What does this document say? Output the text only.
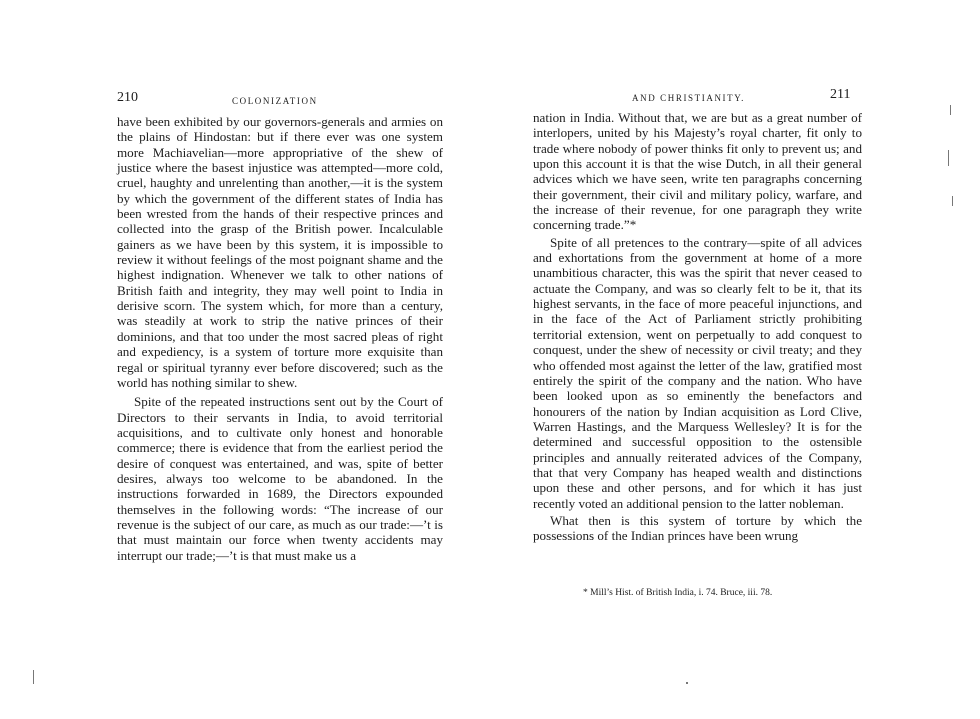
210	COLONIZATION

have been exhibited by our governors-generals and armies on the plains of Hindostan: but if there ever was one system more Machiavelian—more appropriative of the shew of justice where the basest injustice was attempted—more cold, cruel, haughty and unrelenting than another,—it is the system by which the government of the different states of India has been wrested from the hands of their respective princes and collected into the grasp of the British power. Incalculable gainers as we have been by this system, it is impossible to review it without feelings of the most poignant shame and the highest indignation. Whenever we talk to other nations of British faith and integrity, they may well point to India in derisive scorn. The system which, for more than a century, was steadily at work to strip the native princes of their dominions, and that too under the most sacred pleas of right and expediency, is a system of torture more exquisite than regal or spiritual tyranny ever before discovered; such as the world has nothing similar to shew.

Spite of the repeated instructions sent out by the Court of Directors to their servants in India, to avoid territorial acquisitions, and to cultivate only honest and honorable commerce; there is evidence that from the earliest period the desire of conquest was entertained, and was, spite of better desires, always too welcome to be abandoned. In the instructions forwarded in 1689, the Directors expounded themselves in the following words: “The increase of our revenue is the subject of our care, as much as our trade:—’t is that must maintain our force when twenty accidents may interrupt our trade;—’t is that must make us a

AND CHRISTIANITY.	211

nation in India. Without that, we are but as a great number of interlopers, united by his Majesty’s royal charter, fit only to trade where nobody of power thinks fit only to prevent us; and upon this account it is that the wise Dutch, in all their general advices which we have seen, write ten paragraphs concerning their government, their civil and military policy, warfare, and the increase of their revenue, for one paragraph they write concerning trade.”*

Spite of all pretences to the contrary—spite of all advices and exhortations from the government at home of a more unambitious character, this was the spirit that never ceased to actuate the Company, and was so clearly felt to be it, that its highest servants, in the face of more peaceful injunctions, and in the face of the Act of Parliament strictly prohibiting territorial extension, went on perpetually to add conquest to conquest, under the shew of necessity or civil treaty; and they who offended most against the letter of the law, gratified most entirely the spirit of the company and the nation. Who have been looked upon as so eminently the benefactors and honourers of the nation by Indian acquisition as Lord Clive, Warren Hastings, and the Marquess Wellesley? It is for the determined and successful opposition to the ostensible principles and annually reiterated advices of the Company, that that very Company has heaped wealth and distinctions upon these and other persons, and for which it has just recently voted an additional pension to the latter nobleman.

What then is this system of torture by which the possessions of the Indian princes have been wrung

* Mill’s Hist. of British India, i. 74. Bruce, iii. 78.
